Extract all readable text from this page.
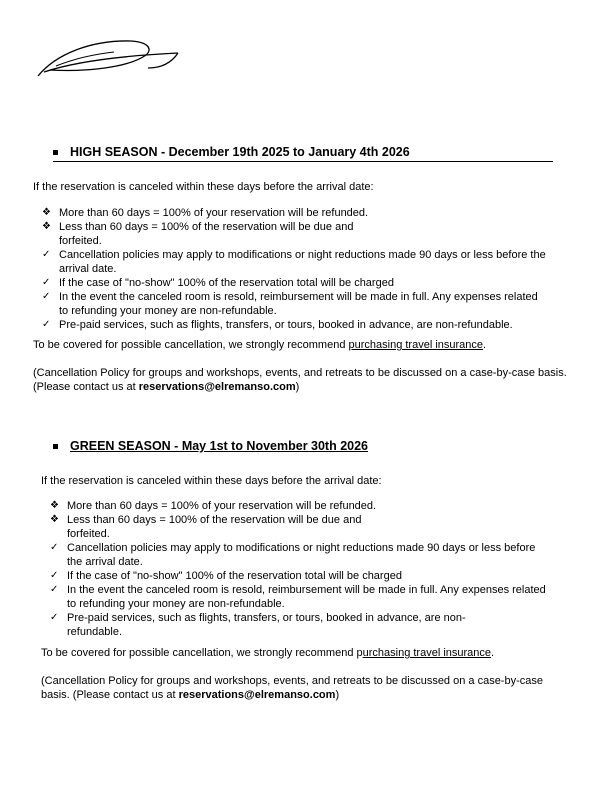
HIGH SEASON - December 19th 2025 to January 4th 2026
If the reservation is canceled within these days before the arrival date:
❖ More than 60 days = 100% of your reservation will be refunded.
❖ Less than 60 days = 100% of the reservation will be due and forfeited.
✓ Cancellation policies may apply to modifications or night reductions made 90 days or less before the arrival date.
✓ If the case of "no-show" 100% of the reservation total will be charged
✓ In the event the canceled room is resold, reimbursement will be made in full. Any expenses related to refunding your money are non-refundable.
✓ Pre-paid services, such as flights, transfers, or tours, booked in advance, are non-refundable.
To be covered for possible cancellation, we strongly recommend purchasing travel insurance.
(Cancellation Policy for groups and workshops, events, and retreats to be discussed on a case-by-case basis. (Please contact us at reservations@elremanso.com)
GREEN SEASON - May 1st to November 30th 2026
If the reservation is canceled within these days before the arrival date:
❖ More than 60 days = 100% of your reservation will be refunded.
❖ Less than 60 days = 100% of the reservation will be due and forfeited.
✓ Cancellation policies may apply to modifications or night reductions made 90 days or less before the arrival date.
✓ If the case of "no-show" 100% of the reservation total will be charged
✓ In the event the canceled room is resold, reimbursement will be made in full. Any expenses related to refunding your money are non-refundable.
✓ Pre-paid services, such as flights, transfers, or tours, booked in advance, are non-refundable.
To be covered for possible cancellation, we strongly recommend purchasing travel insurance.
(Cancellation Policy for groups and workshops, events, and retreats to be discussed on a case-by-case basis. (Please contact us at reservations@elremanso.com)
